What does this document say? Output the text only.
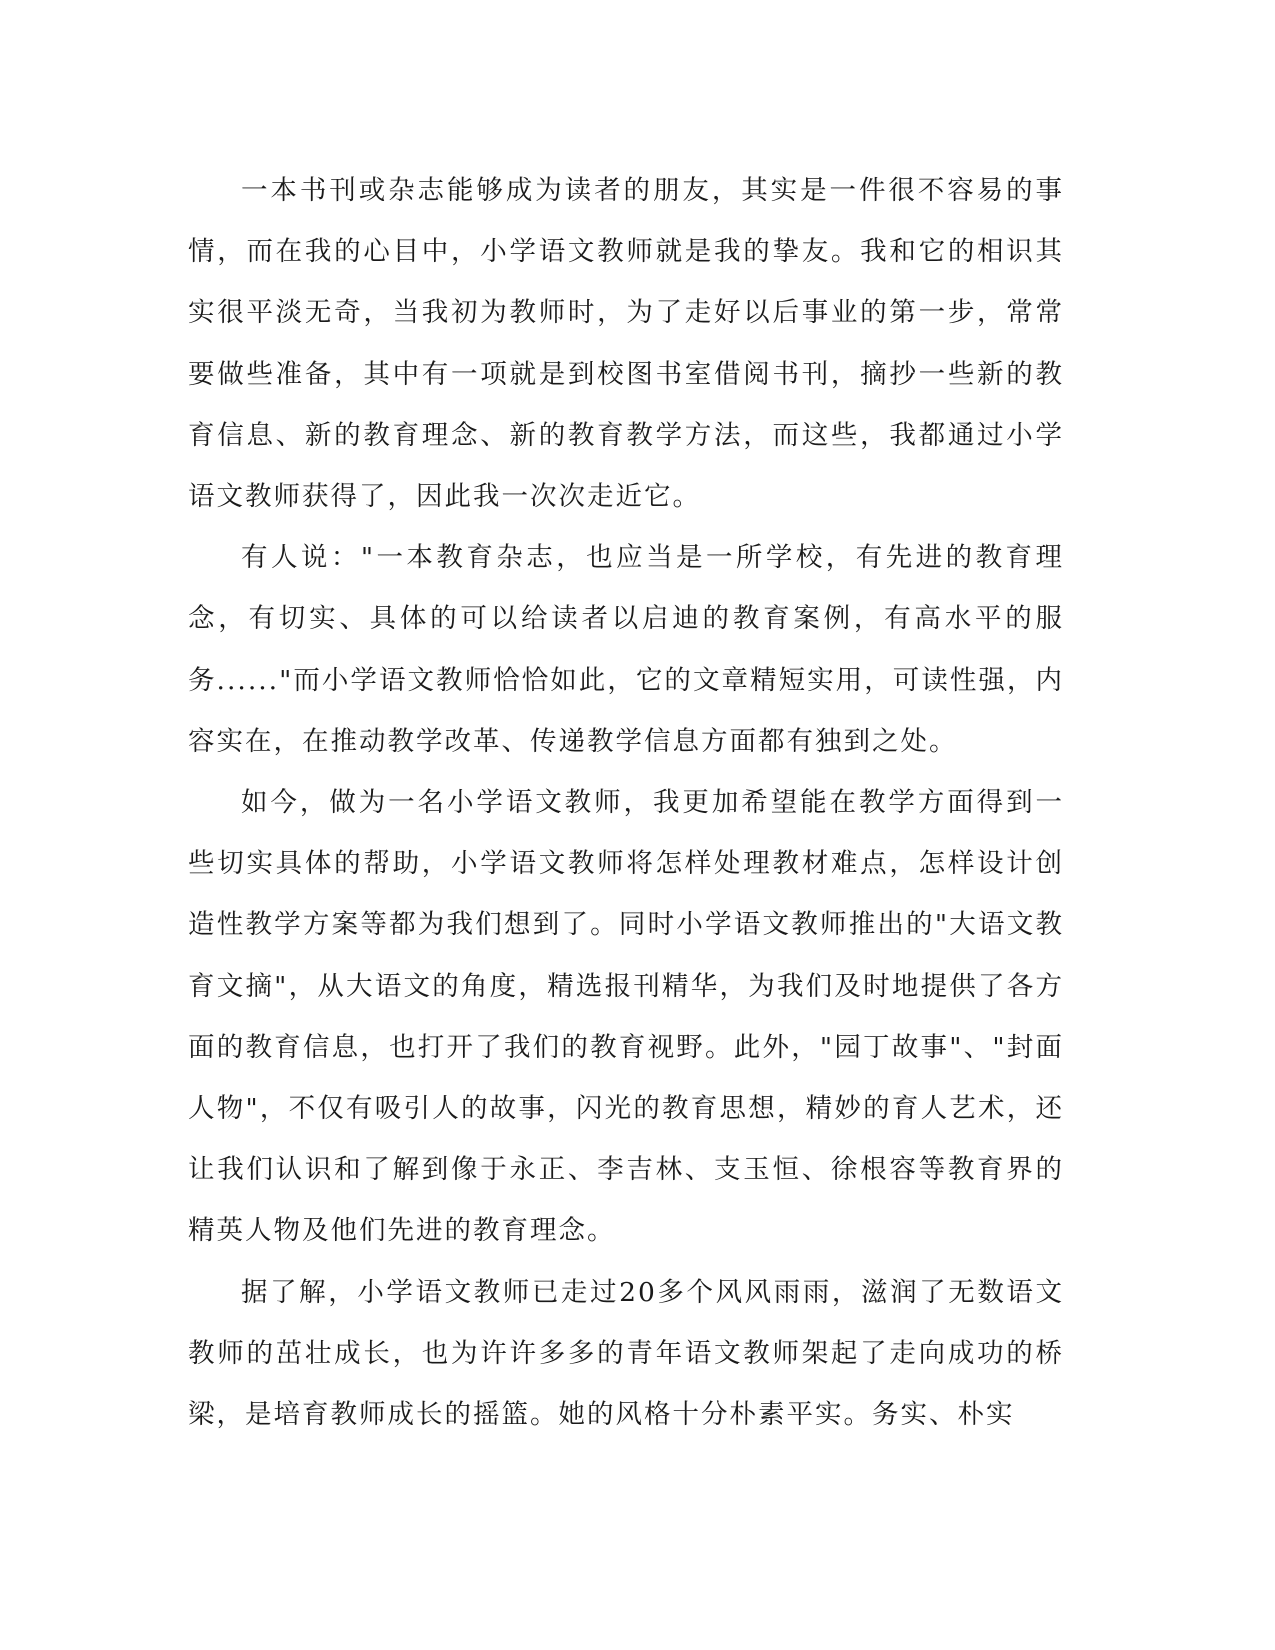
一本书刊或杂志能够成为读者的朋友，其实是一件很不容易的事情，而在我的心目中，小学语文教师就是我的挚友。我和它的相识其实很平淡无奇，当我初为教师时，为了走好以后事业的第一步，常常要做些准备，其中有一项就是到校图书室借阅书刊，摘抄一些新的教育信息、新的教育理念、新的教育教学方法，而这些，我都通过小学语文教师获得了，因此我一次次走近它。

有人说："一本教育杂志，也应当是一所学校，有先进的教育理念，有切实、具体的可以给读者以启迪的教育案例，有高水平的服务......"而小学语文教师恰恰如此，它的文章精短实用，可读性强，内容实在，在推动教学改革、传递教学信息方面都有独到之处。

如今，做为一名小学语文教师，我更加希望能在教学方面得到一些切实具体的帮助，小学语文教师将怎样处理教材难点，怎样设计创造性教学方案等都为我们想到了。同时小学语文教师推出的"大语文教育文摘"，从大语文的角度，精选报刊精华，为我们及时地提供了各方面的教育信息，也打开了我们的教育视野。此外，"园丁故事"、"封面人物"，不仅有吸引人的故事，闪光的教育思想，精妙的育人艺术，还让我们认识和了解到像于永正、李吉林、支玉恒、徐根容等教育界的精英人物及他们先进的教育理念。

据了解，小学语文教师已走过20多个风风雨雨，滋润了无数语文教师的茁壮成长，也为许许多多的青年语文教师架起了走向成功的桥梁，是培育教师成长的摇篮。她的风格十分朴素平实。务实、朴实
